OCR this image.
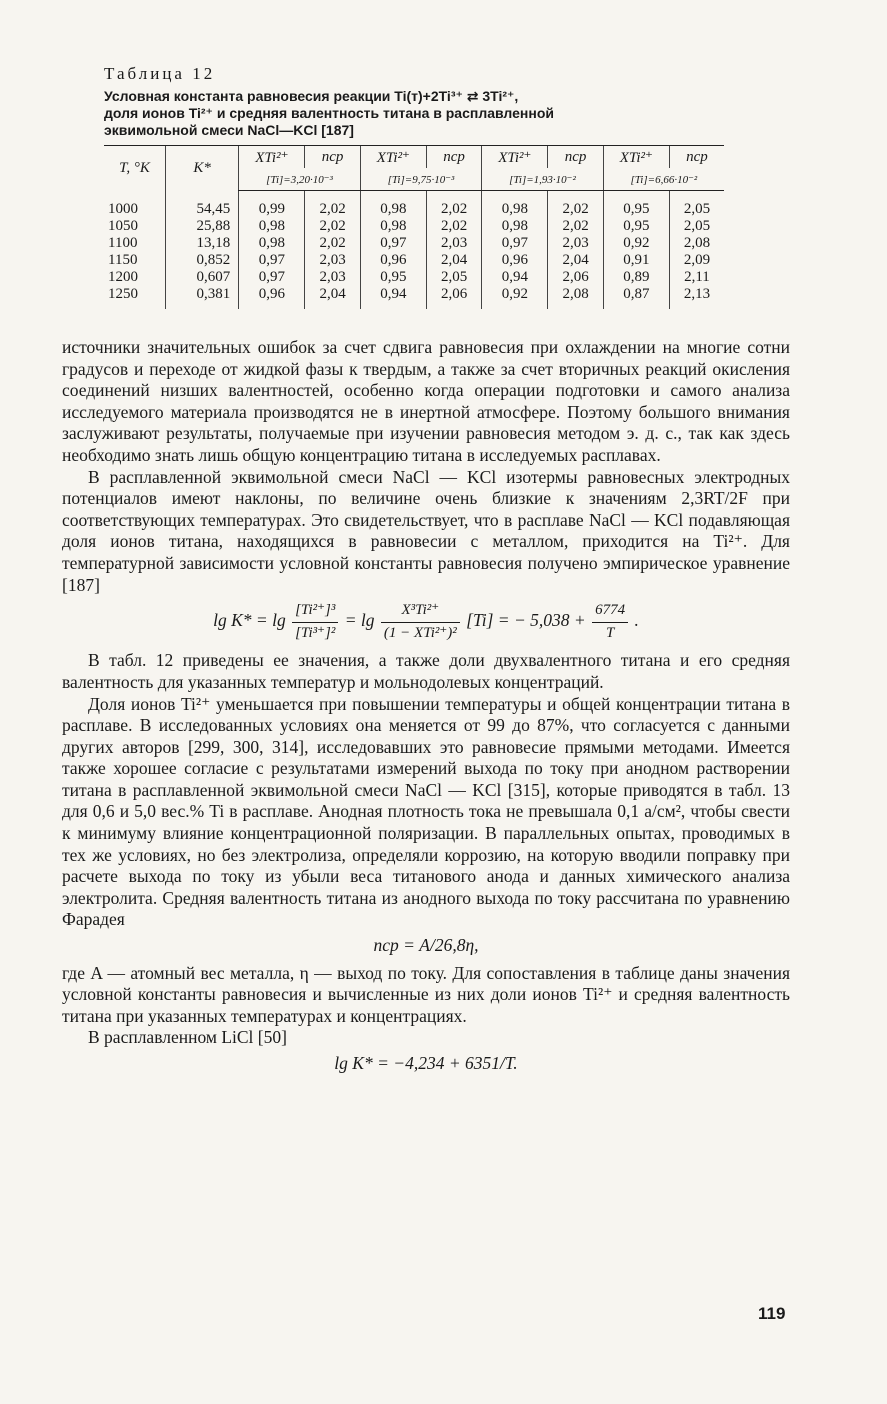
Таблица 12
Условная константа равновесия реакции Ti(т)+2Ti³⁺ ⇄ 3Ti²⁺,
доля ионов Ti²⁺ и средняя валентность титана в расплавленной
эквимольной смеси NaCl—KCl [187]
T, °K	K*	XTi²⁺	nср	XTi²⁺	nср	XTi²⁺	nср	XTi²⁺	nср
		[Ti]=3,20·10⁻³		[Ti]=9,75·10⁻³		[Ti]=1,93·10⁻²		[Ti]=6,66·10⁻²	
1000	54,45	0,99	2,02	0,98	2,02	0,98	2,02	0,95	2,05
1050	25,88	0,98	2,02	0,98	2,02	0,98	2,02	0,95	2,05
1100	13,18	0,98	2,02	0,97	2,03	0,97	2,03	0,92	2,08
1150	0,852	0,97	2,03	0,96	2,04	0,96	2,04	0,91	2,09
1200	0,607	0,97	2,03	0,95	2,05	0,94	2,06	0,89	2,11
1250	0,381	0,96	2,04	0,94	2,06	0,92	2,08	0,87	2,13

источники значительных ошибок за счет сдвига равновесия при охлаждении на многие сотни градусов и переходе от жидкой фазы к твердым, а также за счет вторичных реакций окисления соединений низших валентностей, особенно когда операции подготовки и самого анализа исследуемого материала производятся не в инертной атмосфере. Поэтому большого внимания заслуживают результаты, получаемые при изучении равновесия методом э. д. с., так как здесь необходимо знать лишь общую концентрацию титана в исследуемых расплавах.

В расплавленной эквимольной смеси NaCl — KCl изотермы равновесных электродных потенциалов имеют наклоны, по величине очень близкие к значениям 2,3RT/2F при соответствующих температурах. Это свидетельствует, что в расплаве NaCl — KCl подавляющая доля ионов титана, находящихся в равновесии с металлом, приходится на Ti²⁺. Для температурной зависимости условной константы равновесия получено эмпирическое уравнение [187]

$\lg K* = \lg \frac{\text{[Ti²⁺]³}}{\text{[Ti³⁺]²}} = \lg \frac{\text{X³Ti²⁺}}{\text{(1 − XTi²⁺)²}} [Ti]$ = − $5,038 + \frac{6774}{T}$ .

В табл. 12 приведены ее значения, а также доли двухвалентного титана и его средняя валентность для указанных температур и мольнодолевых концентраций.

Доля ионов Ti²⁺ уменьшается при повышении температуры и общей концентрации титана в расплаве. В исследованных условиях она меняется от 99 до 87%, что согласуется с данными других авторов [299, 300, 314], исследовавших это равновесие прямыми методами. Имеется также хорошее согласие с результатами измерений выхода по току при анодном растворении титана в расплавленной эквимольной смеси NaCl — KCl [315], которые приводятся в табл. 13 для 0,6 и 5,0 вес.% Ti в расплаве. Анодная плотность тока не превышала 0,1 а/см², чтобы свести к минимуму влияние концентрационной поляризации. В параллельных опытах, проводимых в тех же условиях, но без электролиза, определяли коррозию, на которую вводили поправку при расчете выхода по току из убыли веса титанового анода и данных химического анализа электролита. Средняя валентность титана из анодного выхода по току рассчитана по уравнению Фарадея

nср = A/26,8η,

где A — атомный вес металла, η — выход по току. Для сопоставления в таблице даны значения условной константы равновесия и вычисленные из них доли ионов Ti²⁺ и средняя валентность титана при указанных температурах и концентрациях.

В расплавленном LiCl [50]

lg K* = −4,234 + 6351/T.
119
